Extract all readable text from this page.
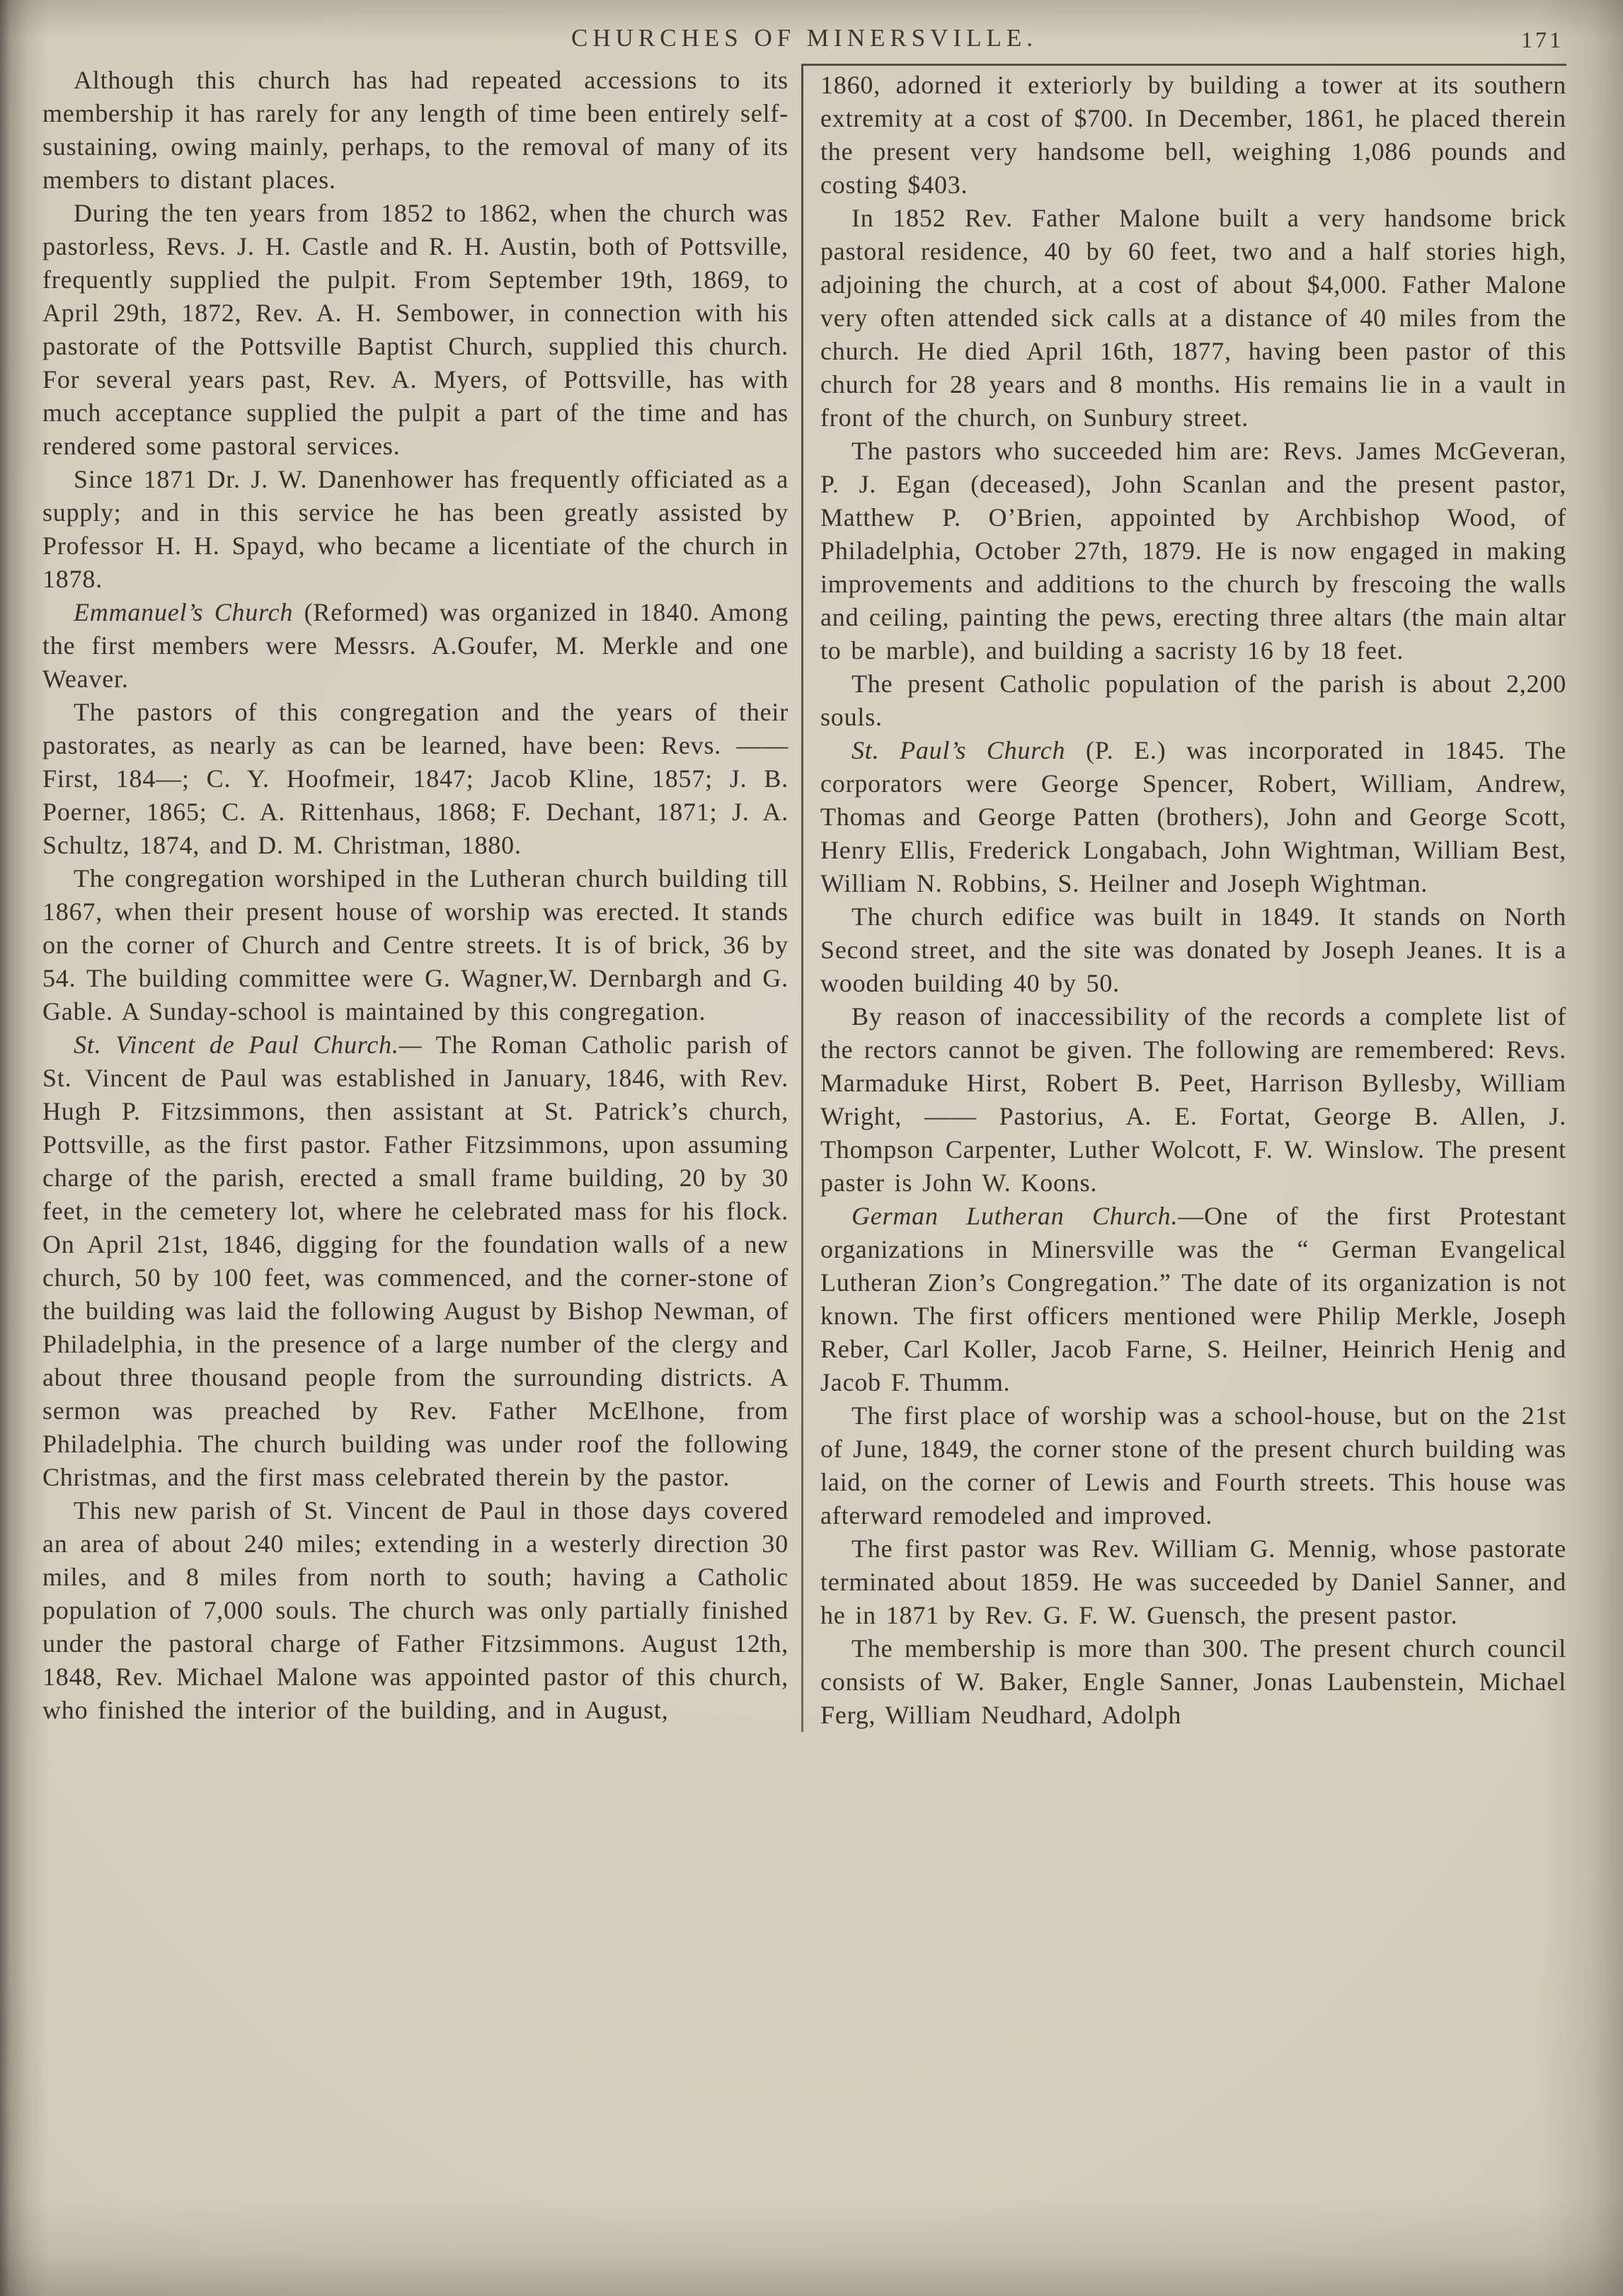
CHURCHES OF MINERSVILLE.	171

Although this church has had repeated accessions to its membership it has rarely for any length of time been entirely self-sustaining, owing mainly, perhaps, to the removal of many of its members to distant places.

During the ten years from 1852 to 1862, when the church was pastorless, Revs. J. H. Castle and R. H. Austin, both of Pottsville, frequently supplied the pulpit. From September 19th, 1869, to April 29th, 1872, Rev. A. H. Sembower, in connection with his pastorate of the Pottsville Baptist Church, supplied this church. For several years past, Rev. A. Myers, of Pottsville, has with much acceptance supplied the pulpit a part of the time and has rendered some pastoral services.

Since 1871 Dr. J. W. Danenhower has frequently officiated as a supply; and in this service he has been greatly assisted by Professor H. H. Spayd, who became a licentiate of the church in 1878.

Emmanuel’s Church (Reformed) was organized in 1840. Among the first members were Messrs. A.Goufer, M. Merkle and one Weaver.

The pastors of this congregation and the years of their pastorates, as nearly as can be learned, have been: Revs. —— First, 184—; C. Y. Hoofmeir, 1847; Jacob Kline, 1857; J. B. Poerner, 1865; C. A. Rittenhaus, 1868; F. Dechant, 1871; J. A. Schultz, 1874, and D. M. Christman, 1880.

The congregation worshiped in the Lutheran church building till 1867, when their present house of worship was erected. It stands on the corner of Church and Centre streets. It is of brick, 36 by 54. The building committee were G. Wagner,W. Dernbargh and G. Gable. A Sunday-school is maintained by this congregation.

St. Vincent de Paul Church.— The Roman Catholic parish of St. Vincent de Paul was established in January, 1846, with Rev. Hugh P. Fitzsimmons, then assistant at St. Patrick’s church, Pottsville, as the first pastor. Father Fitzsimmons, upon assuming charge of the parish, erected a small frame building, 20 by 30 feet, in the cemetery lot, where he celebrated mass for his flock. On April 21st, 1846, digging for the foundation walls of a new church, 50 by 100 feet, was commenced, and the corner-stone of the building was laid the following August by Bishop Newman, of Philadelphia, in the presence of a large number of the clergy and about three thousand people from the surrounding districts. A sermon was preached by Rev. Father McElhone, from Philadelphia. The church building was under roof the following Christmas, and the first mass celebrated therein by the pastor.

This new parish of St. Vincent de Paul in those days covered an area of about 240 miles; extending in a westerly direction 30 miles, and 8 miles from north to south; having a Catholic population of 7,000 souls. The church was only partially finished under the pastoral charge of Father Fitzsimmons. August 12th, 1848, Rev. Michael Malone was appointed pastor of this church, who finished the interior of the building, and in August,

1860, adorned it exteriorly by building a tower at its southern extremity at a cost of $700. In December, 1861, he placed therein the present very handsome bell, weighing 1,086 pounds and costing $403.

In 1852 Rev. Father Malone built a very handsome brick pastoral residence, 40 by 60 feet, two and a half stories high, adjoining the church, at a cost of about $4,000. Father Malone very often attended sick calls at a distance of 40 miles from the church. He died April 16th, 1877, having been pastor of this church for 28 years and 8 months. His remains lie in a vault in front of the church, on Sunbury street.

The pastors who succeeded him are: Revs. James McGeveran, P. J. Egan (deceased), John Scanlan and the present pastor, Matthew P. O’Brien, appointed by Archbishop Wood, of Philadelphia, October 27th, 1879. He is now engaged in making improvements and additions to the church by frescoing the walls and ceiling, painting the pews, erecting three altars (the main altar to be marble), and building a sacristy 16 by 18 feet.

The present Catholic population of the parish is about 2,200 souls.

St. Paul’s Church (P. E.) was incorporated in 1845. The corporators were George Spencer, Robert, William, Andrew, Thomas and George Patten (brothers), John and George Scott, Henry Ellis, Frederick Longabach, John Wightman, William Best, William N. Robbins, S. Heilner and Joseph Wightman.

The church edifice was built in 1849. It stands on North Second street, and the site was donated by Joseph Jeanes. It is a wooden building 40 by 50.

By reason of inaccessibility of the records a complete list of the rectors cannot be given. The following are remembered: Revs. Marmaduke Hirst, Robert B. Peet, Harrison Byllesby, William Wright, —— Pastorius, A. E. Fortat, George B. Allen, J. Thompson Carpenter, Luther Wolcott, F. W. Winslow. The present paster is John W. Koons.

German Lutheran Church.—One of the first Protestant organizations in Minersville was the “ German Evangelical Lutheran Zion’s Congregation.” The date of its organization is not known. The first officers mentioned were Philip Merkle, Joseph Reber, Carl Koller, Jacob Farne, S. Heilner, Heinrich Henig and Jacob F. Thumm.

The first place of worship was a school-house, but on the 21st of June, 1849, the corner stone of the present church building was laid, on the corner of Lewis and Fourth streets. This house was afterward remodeled and improved.

The first pastor was Rev. William G. Mennig, whose pastorate terminated about 1859. He was succeeded by Daniel Sanner, and he in 1871 by Rev. G. F. W. Guensch, the present pastor.

The membership is more than 300. The present church council consists of W. Baker, Engle Sanner, Jonas Laubenstein, Michael Ferg, William Neudhard, Adolph
